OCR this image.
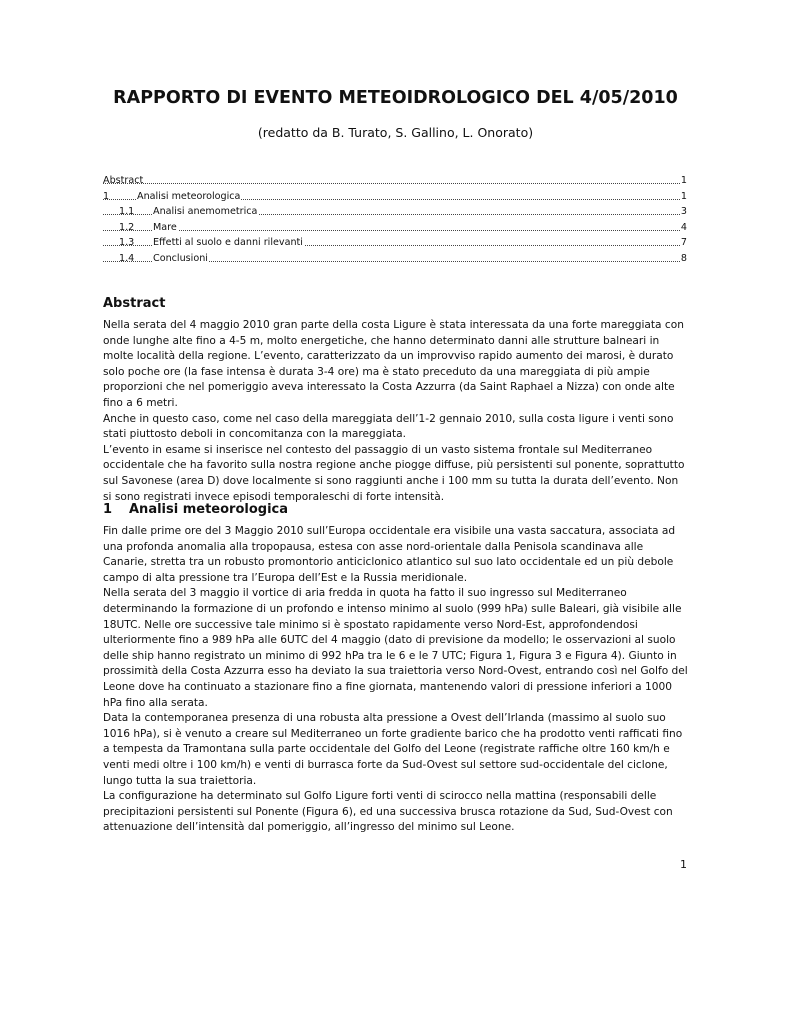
RAPPORTO DI EVENTO METEOIDROLOGICO DEL 4/05/2010
(redatto da B. Turato, S. Gallino, L. Onorato)
Abstract	1
1	Analisi meteorologica	1
1.1 Analisi anemometrica	3
1.2 Mare	4
1.3 Effetti al suolo e danni rilevanti	7
1.4 Conclusioni	8
Abstract

Nella serata del 4 maggio 2010 gran parte della costa Ligure è stata interessata da una forte mareggiata con onde lunghe alte fino a 4-5 m, molto energetiche, che hanno determinato danni alle strutture balneari in molte località della regione. L’evento, caratterizzato da un improvviso rapido aumento dei marosi, è durato solo poche ore (la fase intensa è durata 3-4 ore) ma è stato preceduto da una mareggiata di più ampie proporzioni che nel pomeriggio aveva interessato la Costa Azzurra (da Saint Raphael a Nizza) con onde alte fino a 6 metri.

Anche in questo caso, come nel caso della mareggiata dell’1-2 gennaio 2010, sulla costa ligure i venti sono stati piuttosto deboli in concomitanza con la mareggiata.

L’evento in esame si inserisce nel contesto del passaggio di un vasto sistema frontale sul Mediterraneo occidentale che ha favorito sulla nostra regione anche piogge diffuse, più persistenti sul ponente, soprattutto sul Savonese (area D) dove localmente si sono raggiunti anche i 100 mm su tutta la durata dell’evento. Non si sono registrati invece episodi temporaleschi di forte intensità.

1 Analisi meteorologica

Fin dalle prime ore del 3 Maggio 2010 sull’Europa occidentale era visibile una vasta saccatura, associata ad una profonda anomalia alla tropopausa, estesa con asse nord-orientale dalla Penisola scandinava alle Canarie, stretta tra un robusto promontorio anticiclonico atlantico sul suo lato occidentale ed un più debole campo di alta pressione tra l’Europa dell’Est e la Russia meridionale.

Nella serata del 3 maggio il vortice di aria fredda in quota ha fatto il suo ingresso sul Mediterraneo determinando la formazione di un profondo e intenso minimo al suolo (999 hPa) sulle Baleari, già visibile alle 18UTC. Nelle ore successive tale minimo si è spostato rapidamente verso Nord-Est, approfondendosi ulteriormente fino a 989 hPa alle 6UTC del 4 maggio (dato di previsione da modello; le osservazioni al suolo delle ship hanno registrato un minimo di 992 hPa tra le 6 e le 7 UTC; Figura 1, Figura 3 e Figura 4). Giunto in prossimità della Costa Azzurra esso ha deviato la sua traiettoria verso Nord-Ovest, entrando così nel Golfo del Leone dove ha continuato a stazionare fino a fine giornata, mantenendo valori di pressione inferiori a 1000 hPa fino alla serata.

Data la contemporanea presenza di una robusta alta pressione a Ovest dell’Irlanda (massimo al suolo suo 1016 hPa), si è venuto a creare sul Mediterraneo un forte gradiente barico che ha prodotto venti rafficati fino a tempesta da Tramontana sulla parte occidentale del Golfo del Leone (registrate raffiche oltre 160 km/h e venti medi oltre i 100 km/h) e venti di burrasca forte da Sud-Ovest sul settore sud-occidentale del ciclone, lungo tutta la sua traiettoria.

La configurazione ha determinato sul Golfo Ligure forti venti di scirocco nella mattina (responsabili delle precipitazioni persistenti sul Ponente (Figura 6), ed una successiva brusca rotazione da Sud, Sud-Ovest con attenuazione dell’intensità dal pomeriggio, all’ingresso del minimo sul Leone.

1
